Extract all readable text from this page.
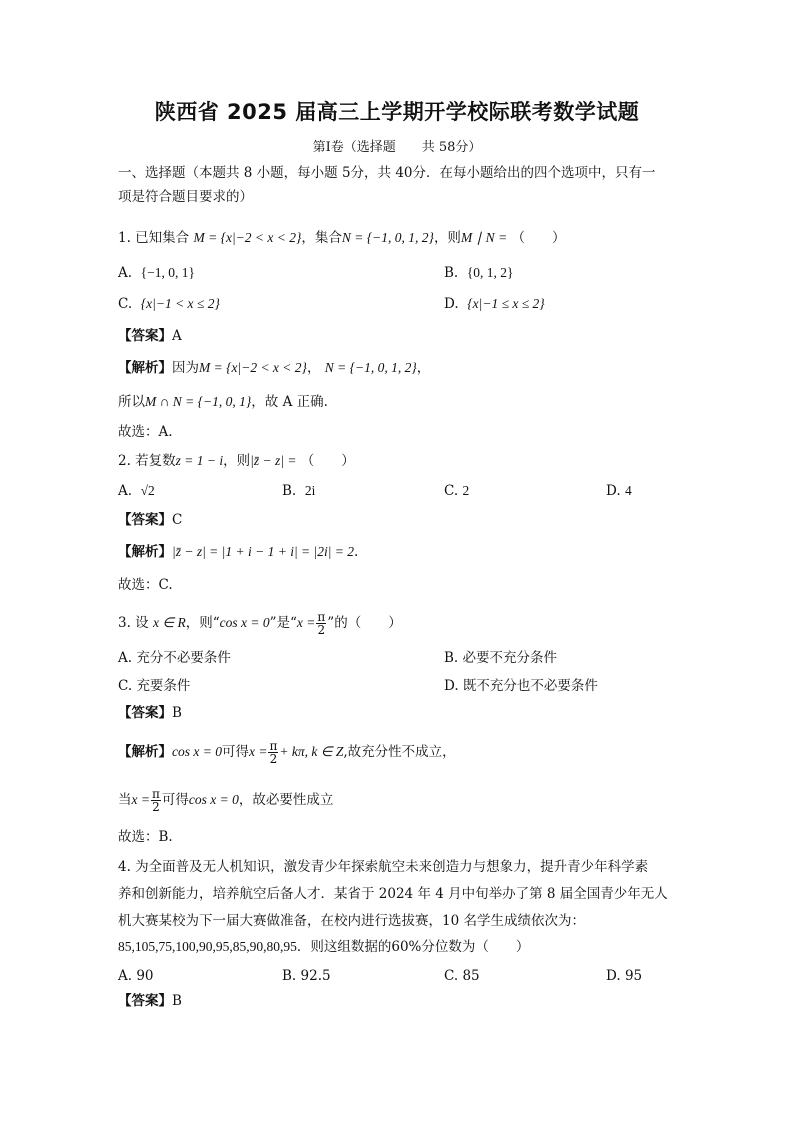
陕西省 2025 届高三上学期开学校际联考数学试题
第Ⅰ卷（选择题　　共 58分）
一、选择题（本题共 8 小题，每小题 5分，共 40分．在每小题给出的四个选项中，只有一
项是符合题目要求的）
1. 已知集合 M = {x|−2 < x < 2}，集合N = {−1, 0, 1, 2}，则M ∣ N = （　　）
A. {−1, 0, 1}	B. {0, 1, 2}
C. {x|−1 < x ≤ 2}	D. {x|−1 ≤ x ≤ 2}
【答案】A
【解析】因为M = {x|−2 < x < 2}， N = {−1, 0, 1, 2}，
所以M ∩ N = {−1, 0, 1}，故 A 正确.
故选：A.
2. 若复数z = 1 − i，则|z̄ − z| = （　　）
A. √2	B. 2i	C. 2	D. 4
【答案】C
【解析】|z̄ − z| = |1 + i − 1 + i| = |2i| = 2.
故选：C.
3. 设 x ∈ R，则“cos x = 0”是“$x = \frac{\pi}{2}$ ”的（　　）
A. 充分不必要条件	B. 必要不充分条件
C. 充要条件	D. 既不充分也不必要条件
【答案】B
【解析】cos x = 0可得$x = \frac{\pi}{2} + k\pi$, k ∈ Z,故充分性不成立，
当$x = \frac{\pi}{2}$ 可得cos x = 0，故必要性成立
故选：B.
4. 为全面普及无人机知识，激发青少年探索航空未来创造力与想象力，提升青少年科学素
养和创新能力，培养航空后备人才．某省于 2024 年 4 月中旬举办了第 8 届全国青少年无人
机大赛某校为下一届大赛做准备，在校内进行选拔赛，10 名学生成绩依次为：
85,105,75,100,90,95,85,90,80,95．则这组数据的60%分位数为（　　）
A. 90	B. 92.5	C. 85	D. 95
【答案】B
